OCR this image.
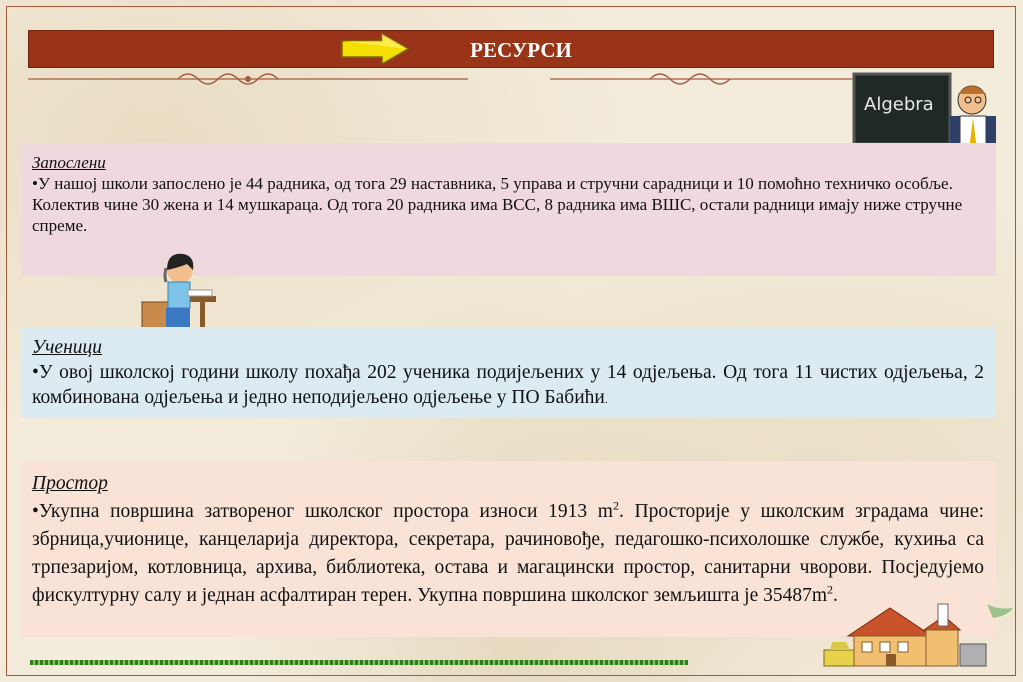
РЕСУРСИ
Algebra
Запослени
•У нашој школи запослено је 44 радника, од тога 29 наставника, 5 управа и стручни сарадници и 10 помоћно техничко особље. Колектив чине 30 жена и 14 мушкараца. Од тога 20 радника има ВСС, 8 радника има ВШС, остали радници имају ниже стручне спреме.
Ученици
•У овој школској години школу похађа 202 ученика подијељених у 14 одјељења. Од тога 11 чистих одјељења, 2 комбинована одјељења и једно неподијељено одјељење у ПО Бабићи.
Простор
•Укупна површина затвореног школског простора износи 1913 $m^2$. Просторије у школским зградама чине: збрница,учионице, канцеларија директора, секретара, рачиновође, педагошко-психолошке службе, кухиња са трпезаријом, котловница, архива, библиотека, остава и магацински простор, санитарни чворови. Посједујемо фискултурну салу и једнан асфалтиран терен. Укупна површина школског земљишта је $35487m^2$.
